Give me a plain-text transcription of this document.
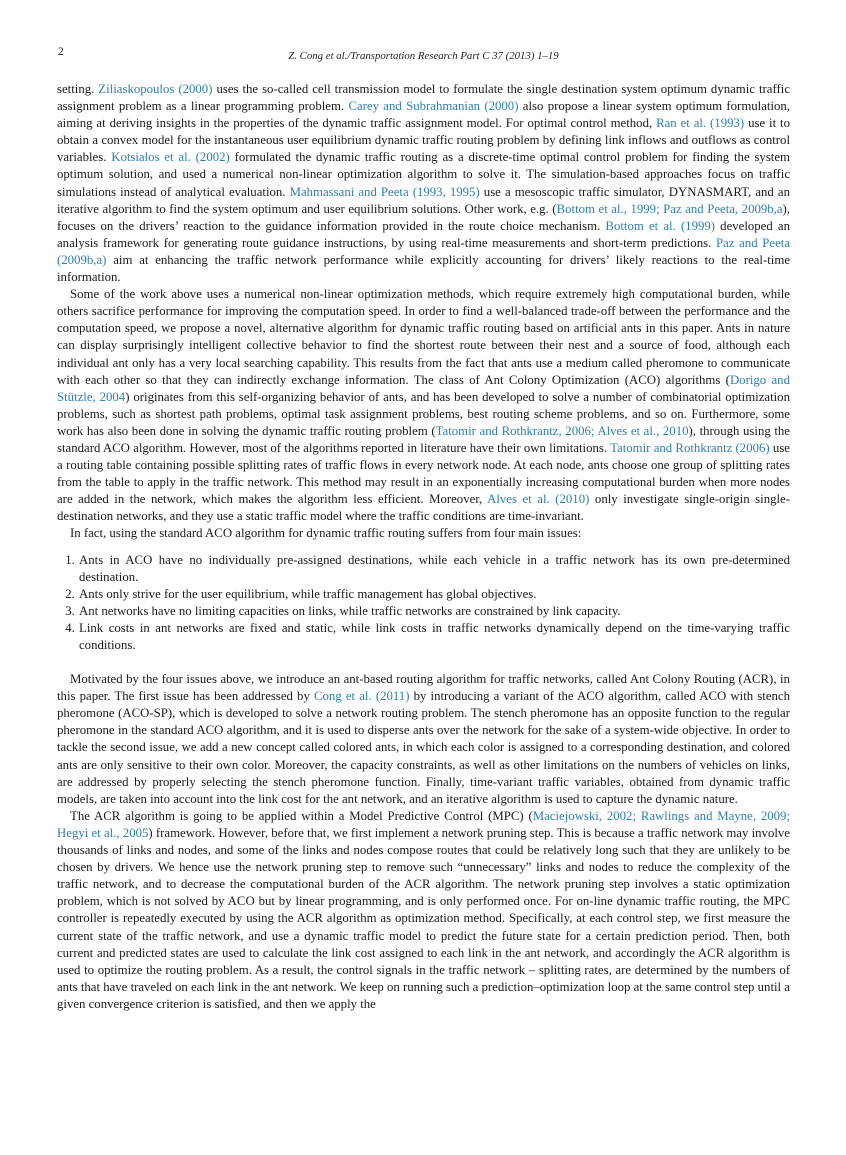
2	Z. Cong et al./Transportation Research Part C 37 (2013) 1–19

setting. Ziliaskopoulos (2000) uses the so-called cell transmission model to formulate the single destination system optimum dynamic traffic assignment problem as a linear programming problem. Carey and Subrahmanian (2000) also propose a linear system optimum formulation, aiming at deriving insights in the properties of the dynamic traffic assignment model. For optimal control method, Ran et al. (1993) use it to obtain a convex model for the instantaneous user equilibrium dynamic traffic routing problem by defining link inflows and outflows as control variables. Kotsialos et al. (2002) formulated the dynamic traffic routing as a discrete-time optimal control problem for finding the system optimum solution, and used a numerical non-linear optimization algorithm to solve it. The simulation-based approaches focus on traffic simulations instead of analytical evaluation. Mahmassani and Peeta (1993, 1995) use a mesoscopic traffic simulator, DYNASMART, and an iterative algorithm to find the system optimum and user equilibrium solutions. Other work, e.g. (Bottom et al., 1999; Paz and Peeta, 2009b,a), focuses on the drivers’ reaction to the guidance information provided in the route choice mechanism. Bottom et al. (1999) developed an analysis framework for generating route guidance instructions, by using real-time measurements and short-term predictions. Paz and Peeta (2009b,a) aim at enhancing the traffic network performance while explicitly accounting for drivers’ likely reactions to the real-time information.

Some of the work above uses a numerical non-linear optimization methods, which require extremely high computational burden, while others sacrifice performance for improving the computation speed. In order to find a well-balanced trade-off between the performance and the computation speed, we propose a novel, alternative algorithm for dynamic traffic routing based on artificial ants in this paper. Ants in nature can display surprisingly intelligent collective behavior to find the shortest route between their nest and a source of food, although each individual ant only has a very local searching capability. This results from the fact that ants use a medium called pheromone to communicate with each other so that they can indirectly exchange information. The class of Ant Colony Optimization (ACO) algorithms (Dorigo and Stützle, 2004) originates from this self-organizing behavior of ants, and has been developed to solve a number of combinatorial optimization problems, such as shortest path problems, optimal task assignment problems, best routing scheme problems, and so on. Furthermore, some work has also been done in solving the dynamic traffic routing problem (Tatomir and Rothkrantz, 2006; Alves et al., 2010), through using the standard ACO algorithm. However, most of the algorithms reported in literature have their own limitations. Tatomir and Rothkrantz (2006) use a routing table containing possible splitting rates of traffic flows in every network node. At each node, ants choose one group of splitting rates from the table to apply in the traffic network. This method may result in an exponentially increasing computational burden when more nodes are added in the network, which makes the algorithm less efficient. Moreover, Alves et al. (2010) only investigate single-origin single-destination networks, and they use a static traffic model where the traffic conditions are time-invariant.

In fact, using the standard ACO algorithm for dynamic traffic routing suffers from four main issues:

1. Ants in ACO have no individually pre-assigned destinations, while each vehicle in a traffic network has its own pre-determined destination.
2. Ants only strive for the user equilibrium, while traffic management has global objectives.
3. Ant networks have no limiting capacities on links, while traffic networks are constrained by link capacity.
4. Link costs in ant networks are fixed and static, while link costs in traffic networks dynamically depend on the time-varying traffic conditions.

Motivated by the four issues above, we introduce an ant-based routing algorithm for traffic networks, called Ant Colony Routing (ACR), in this paper. The first issue has been addressed by Cong et al. (2011) by introducing a variant of the ACO algorithm, called ACO with stench pheromone (ACO-SP), which is developed to solve a network routing problem. The stench pheromone has an opposite function to the regular pheromone in the standard ACO algorithm, and it is used to disperse ants over the network for the sake of a system-wide objective. In order to tackle the second issue, we add a new concept called colored ants, in which each color is assigned to a corresponding destination, and colored ants are only sensitive to their own color. Moreover, the capacity constraints, as well as other limitations on the numbers of vehicles on links, are addressed by properly selecting the stench pheromone function. Finally, time-variant traffic variables, obtained from dynamic traffic models, are taken into account into the link cost for the ant network, and an iterative algorithm is used to capture the dynamic nature.

The ACR algorithm is going to be applied within a Model Predictive Control (MPC) (Maciejowski, 2002; Rawlings and Mayne, 2009; Hegyi et al., 2005) framework. However, before that, we first implement a network pruning step. This is because a traffic network may involve thousands of links and nodes, and some of the links and nodes compose routes that could be relatively long such that they are unlikely to be chosen by drivers. We hence use the network pruning step to remove such “unnecessary” links and nodes to reduce the complexity of the traffic network, and to decrease the computational burden of the ACR algorithm. The network pruning step involves a static optimization problem, which is not solved by ACO but by linear programming, and is only performed once. For on-line dynamic traffic routing, the MPC controller is repeatedly executed by using the ACR algorithm as optimization method. Specifically, at each control step, we first measure the current state of the traffic network, and use a dynamic traffic model to predict the future state for a certain prediction period. Then, both current and predicted states are used to calculate the link cost assigned to each link in the ant network, and accordingly the ACR algorithm is used to optimize the routing problem. As a result, the control signals in the traffic network – splitting rates, are determined by the numbers of ants that have traveled on each link in the ant network. We keep on running such a prediction–optimization loop at the same control step until a given convergence criterion is satisfied, and then we apply the
